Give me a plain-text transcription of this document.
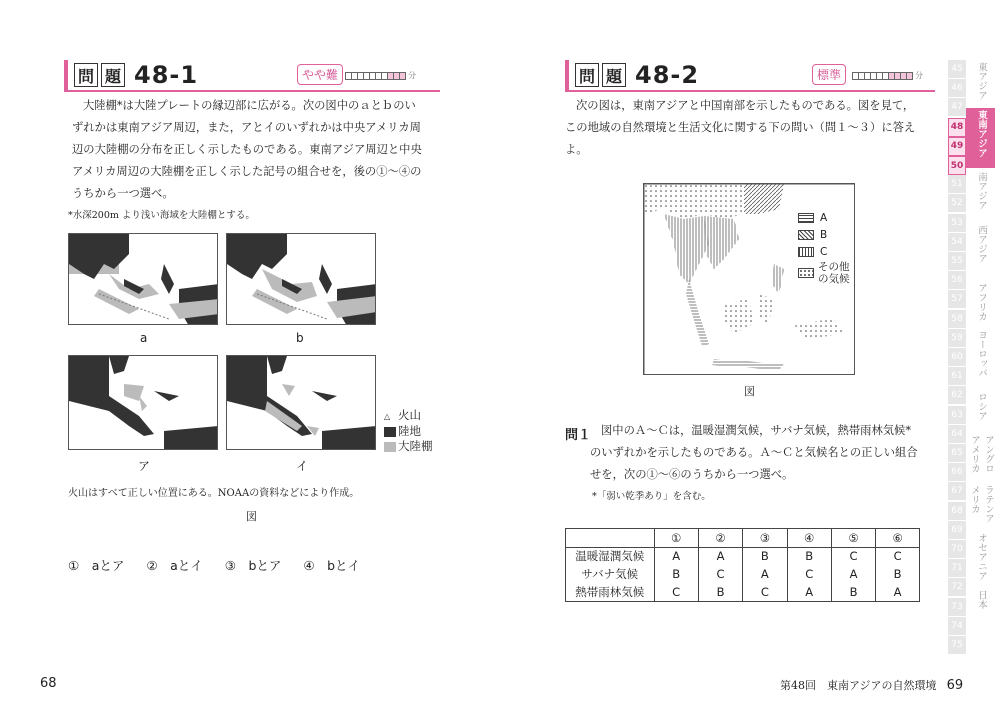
問 題 48-1	やや難	分
大陸棚*は大陸プレートの縁辺部に広がる。次の図中のａとｂのい
ずれかは東南アジア周辺，また，アとイのいずれかは中央アメリカ周
辺の大陸棚の分布を正しく示したものである。東南アジア周辺と中央
アメリカ周辺の大陸棚を正しく示した記号の組合せを，後の①～④の
うちから一つ選べ。
*水深200m より浅い海域を大陸棚とする。
a	b
△ 火山
陸地
大陸棚
ア	イ
火山はすべて正しい位置にある。NOAAの資料などにより作成。
図
①　aとア ②　aとイ ③　bとア ④　bとイ
68
問 題 48-2	標準	分
次の図は，東南アジアと中国南部を示したものである。図を見て，
この地域の自然環境と生活文化に関する下の問い（問１～３）に答え
よ。
A
B
C
その他
の気候
図
問１ 図中のＡ～Ｃは，温暖湿潤気候，サバナ気候，熱帯雨林気候*
のいずれかを示したものである。Ａ～Ｃと気候名との正しい組合
せを，次の①～⑥のうちから一つ選べ。
*「弱い乾季あり」を含む。
	①	②	③	④	⑤	⑥
温暖湿潤気候	A	A	B	B	C	C
サバナ気候	B	C	A	C	A	B
熱帯雨林気候	C	B	C	A	B	A
第48回　東南アジアの自然環境 69
45
46
47
48
49
50
51
52
53
54
55
56
57
58
59
60
61
62
63
64
65
66
67
68
69
70
71
72
73
74
75
東アジア
東南アジア
南アジア
西アジア
アフリカ
ヨーロッパ
ロシア
アングロアメリカ
ラテンアメリカ
オセアニア
日本
